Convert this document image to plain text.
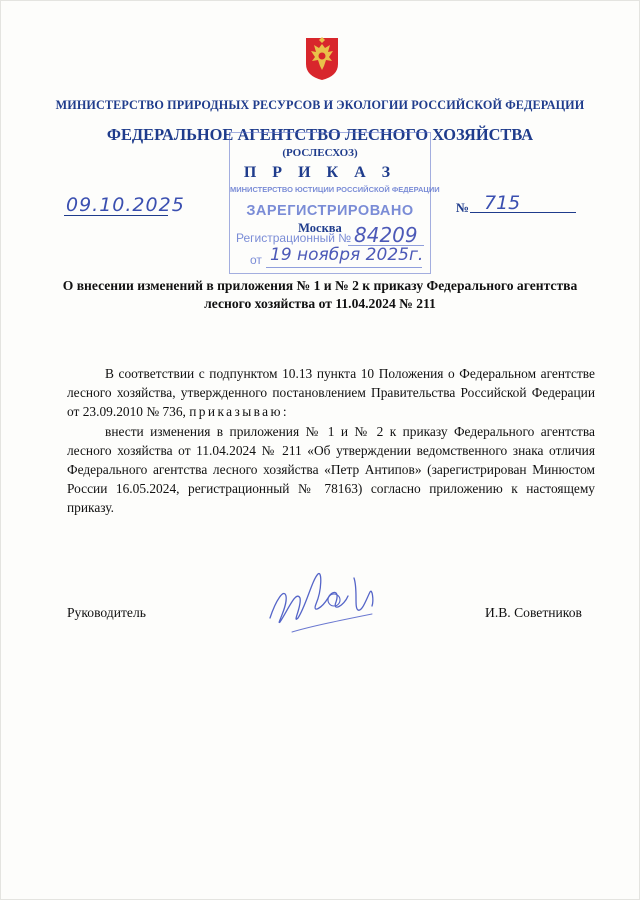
МИНИСТЕРСТВО ПРИРОДНЫХ РЕСУРСОВ И ЭКОЛОГИИ РОССИЙСКОЙ ФЕДЕРАЦИИ
ФЕДЕРАЛЬНОЕ АГЕНТСТВО ЛЕСНОГО ХОЗЯЙСТВА
(РОСЛЕСХОЗ)
П Р И К А З
09.10.2025	№ 715
МИНИСТЕРСТВО ЮСТИЦИИ РОССИЙСКОЙ ФЕДЕРАЦИИ
ЗАРЕГИСТРИРОВАНО
Регистрационный № 84209
от 19 ноября 2025г.
Москва
О внесении изменений в приложения № 1 и № 2 к приказу Федерального агентства лесного хозяйства от 11.04.2024 № 211

В соответствии с подпунктом 10.13 пункта 10 Положения о Федеральном агентстве лесного хозяйства, утвержденного постановлением Правительства Российской Федерации от 23.09.2010 № 736, приказываю:

внести изменения в приложения № 1 и № 2 к приказу Федерального агентства лесного хозяйства от 11.04.2024 № 211 «Об утверждении ведомственного знака отличия Федерального агентства лесного хозяйства «Петр Антипов» (зарегистрирован Минюстом России 16.05.2024, регистрационный № 78163) согласно приложению к настоящему приказу.

Руководитель	И.В. Советников
